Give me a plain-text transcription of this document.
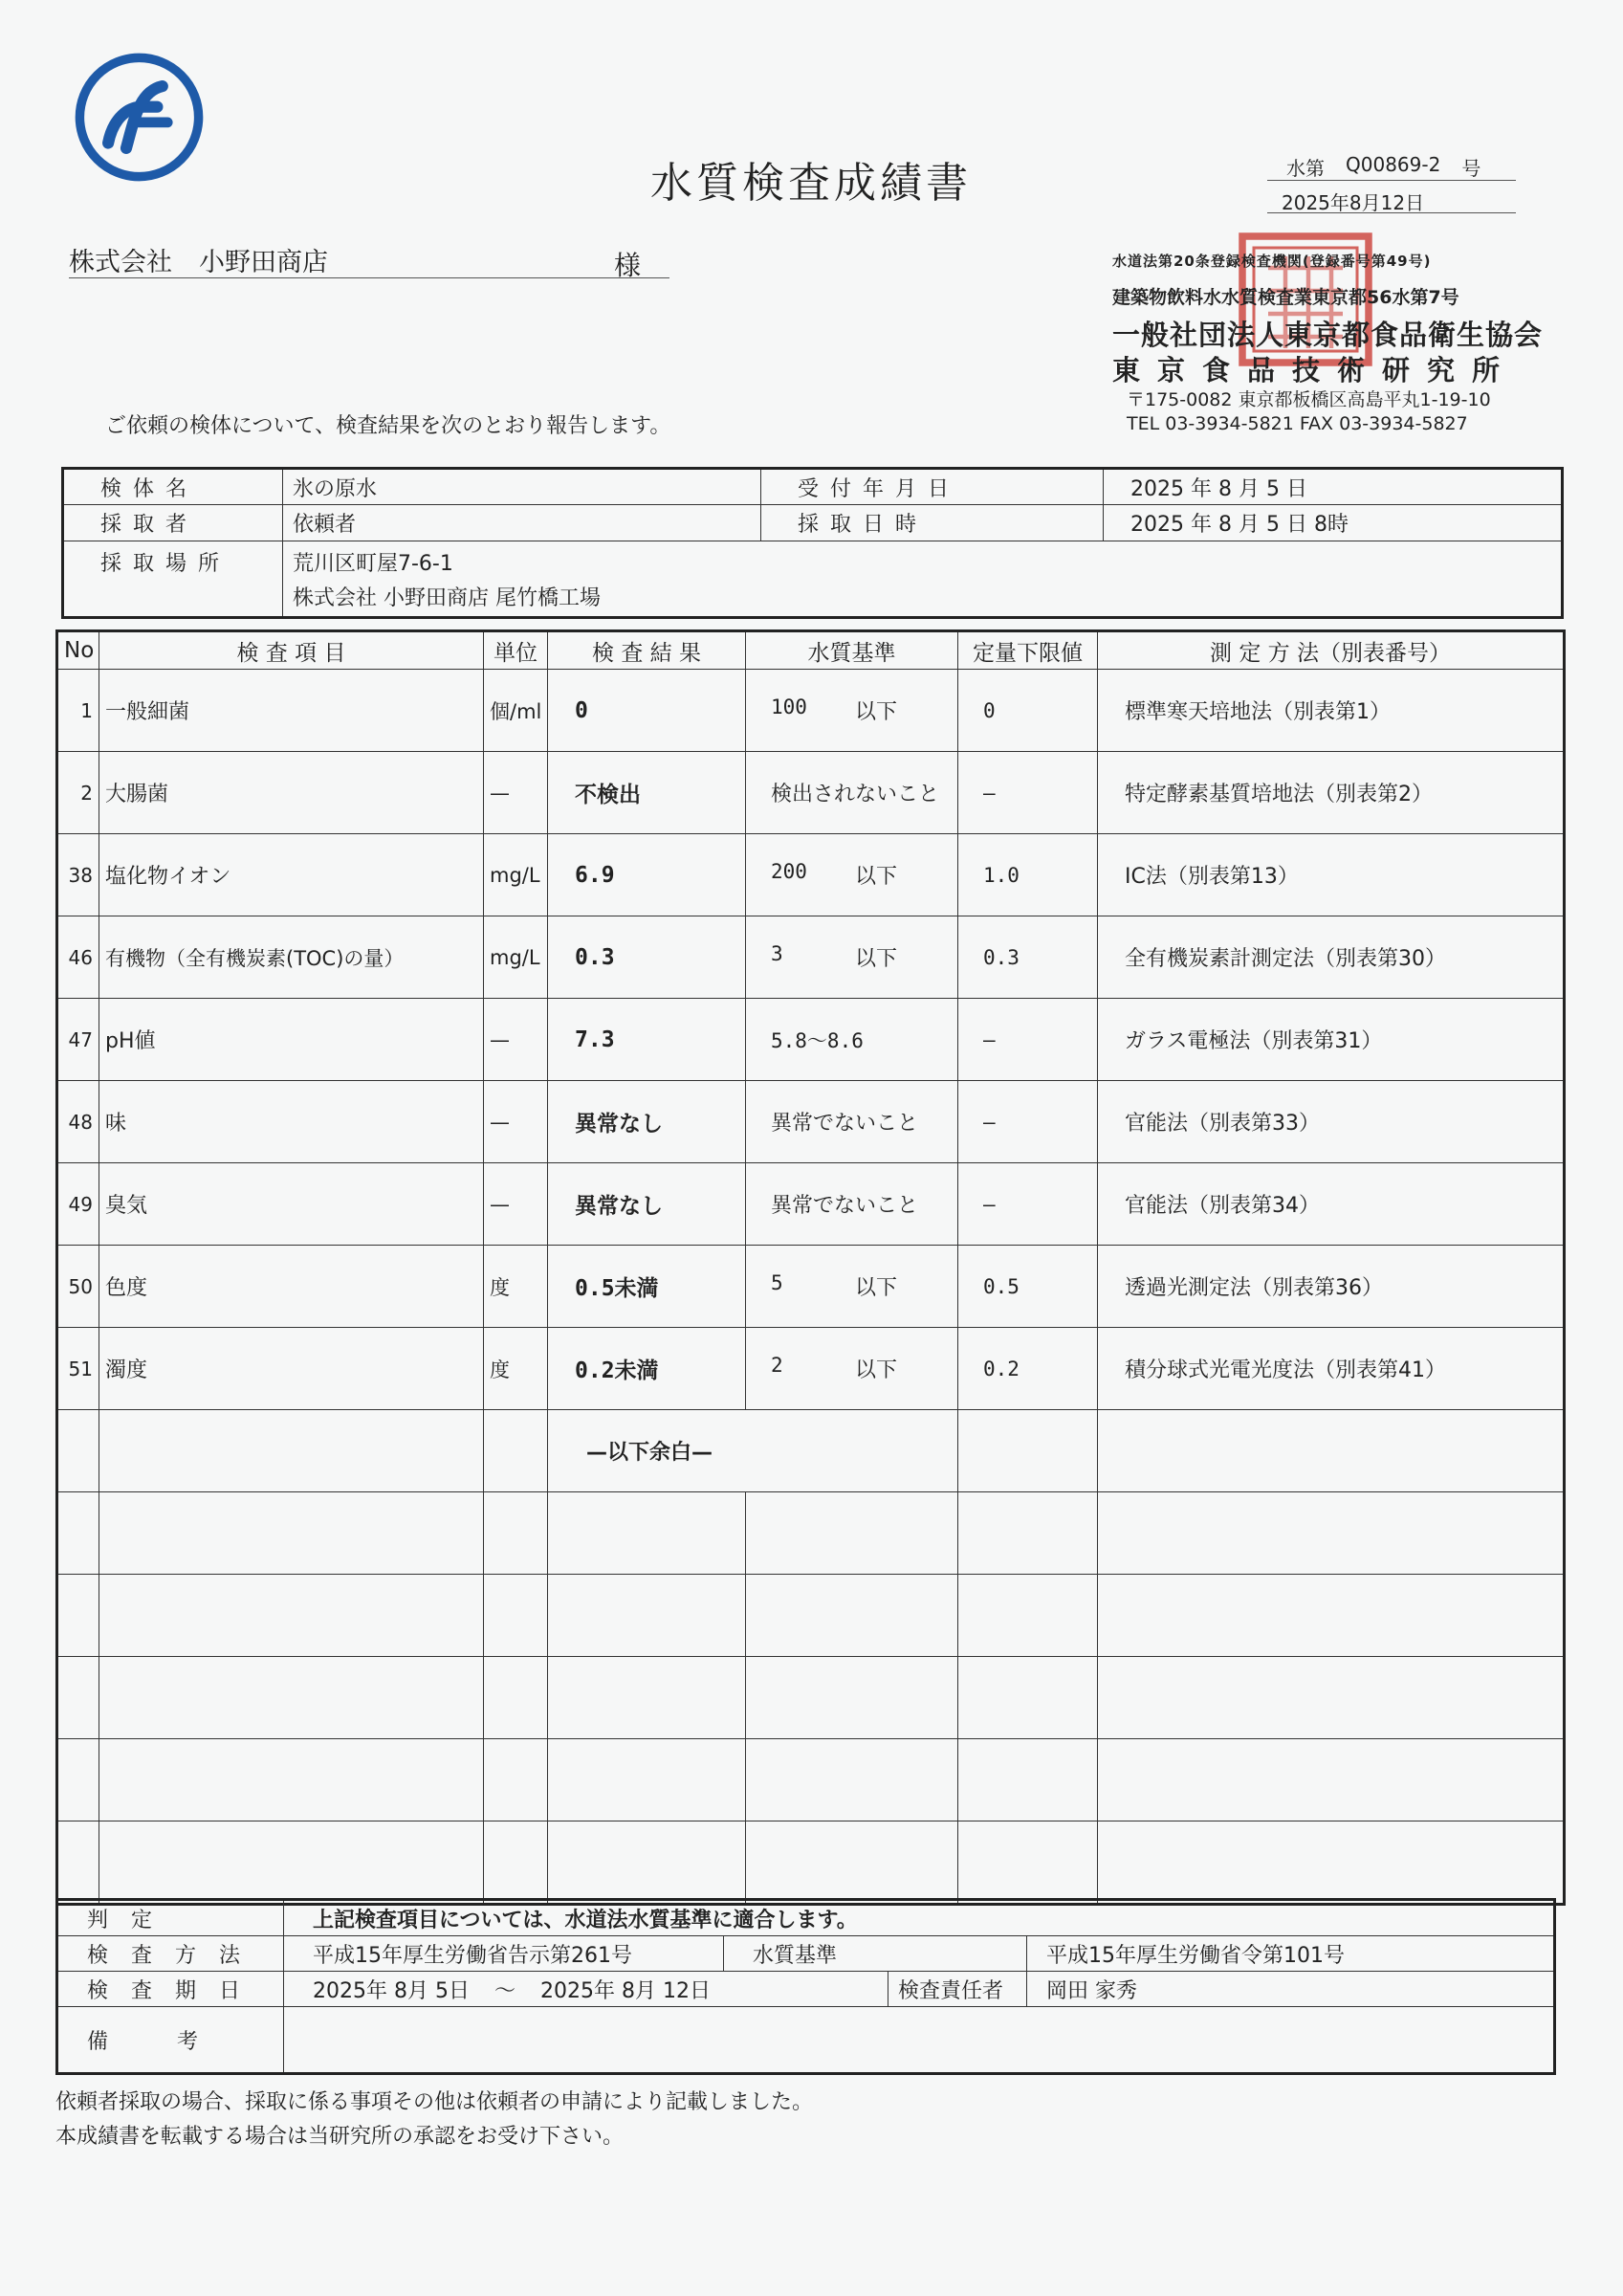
水質検査成績書	水第 Q00869-2 号
2025年8月12日
株式会社 小野田商店	様	水道法第20条登録検査機関(登録番号第49号)
建築物飲料水水質検査業東京都56水第7号
一般社団法人東京都食品衛生協会
東京食品技術研究所
〒175-0082 東京都板橋区高島平丸1-19-10
TEL 03-3934-5821 FAX 03-3934-5827
ご依頼の検体について、検査結果を次のとおり報告します。
検体名	氷の原水	受付年月日	2025 年 8 月 5 日
採取者	依頼者	採取日時	2025 年 8 月 5 日 8時
採取場所	荒川区町屋7-6-1
株式会社 小野田商店 尾竹橋工場		
No	検 査 項 目	単位	検 査 結 果	水質基準	定量下限値	測 定 方 法（別表番号）
1	一般細菌	個/ml	0	100 以下	0	標準寒天培地法（別表第1）
2	大腸菌	—	不検出	検出されないこと	—	特定酵素基質培地法（別表第2）
38	塩化物イオン	mg/L	6.9	200 以下	1.0	IC法（別表第13）
46	有機物（全有機炭素(TOC)の量）	mg/L	0.3	3 以下	0.3	全有機炭素計測定法（別表第30）
47	pH値	—	7.3	5.8～8.6	—	ガラス電極法（別表第31）
48	味	—	異常なし	異常でないこと	—	官能法（別表第33）
49	臭気	—	異常なし	異常でないこと	—	官能法（別表第34）
50	色度	度	0.5未満	5 以下	0.5	透過光測定法（別表第36）
51	濁度	度	0.2未満	2 以下	0.2	積分球式光電光度法（別表第41）
			—以下余白—			

判定	上記検査項目については、水道法水質基準に適合します。			
検査方法	平成15年厚生労働省告示第261号	水質基準		平成15年厚生労働省令第101号
検査期日	2025年 8月 5日 ～ 2025年 8月 12日		検査責任者	岡田 家秀
備考				
依頼者採取の場合、採取に係る事項その他は依頼者の申請により記載しました。
本成績書を転載する場合は当研究所の承認をお受け下さい。
